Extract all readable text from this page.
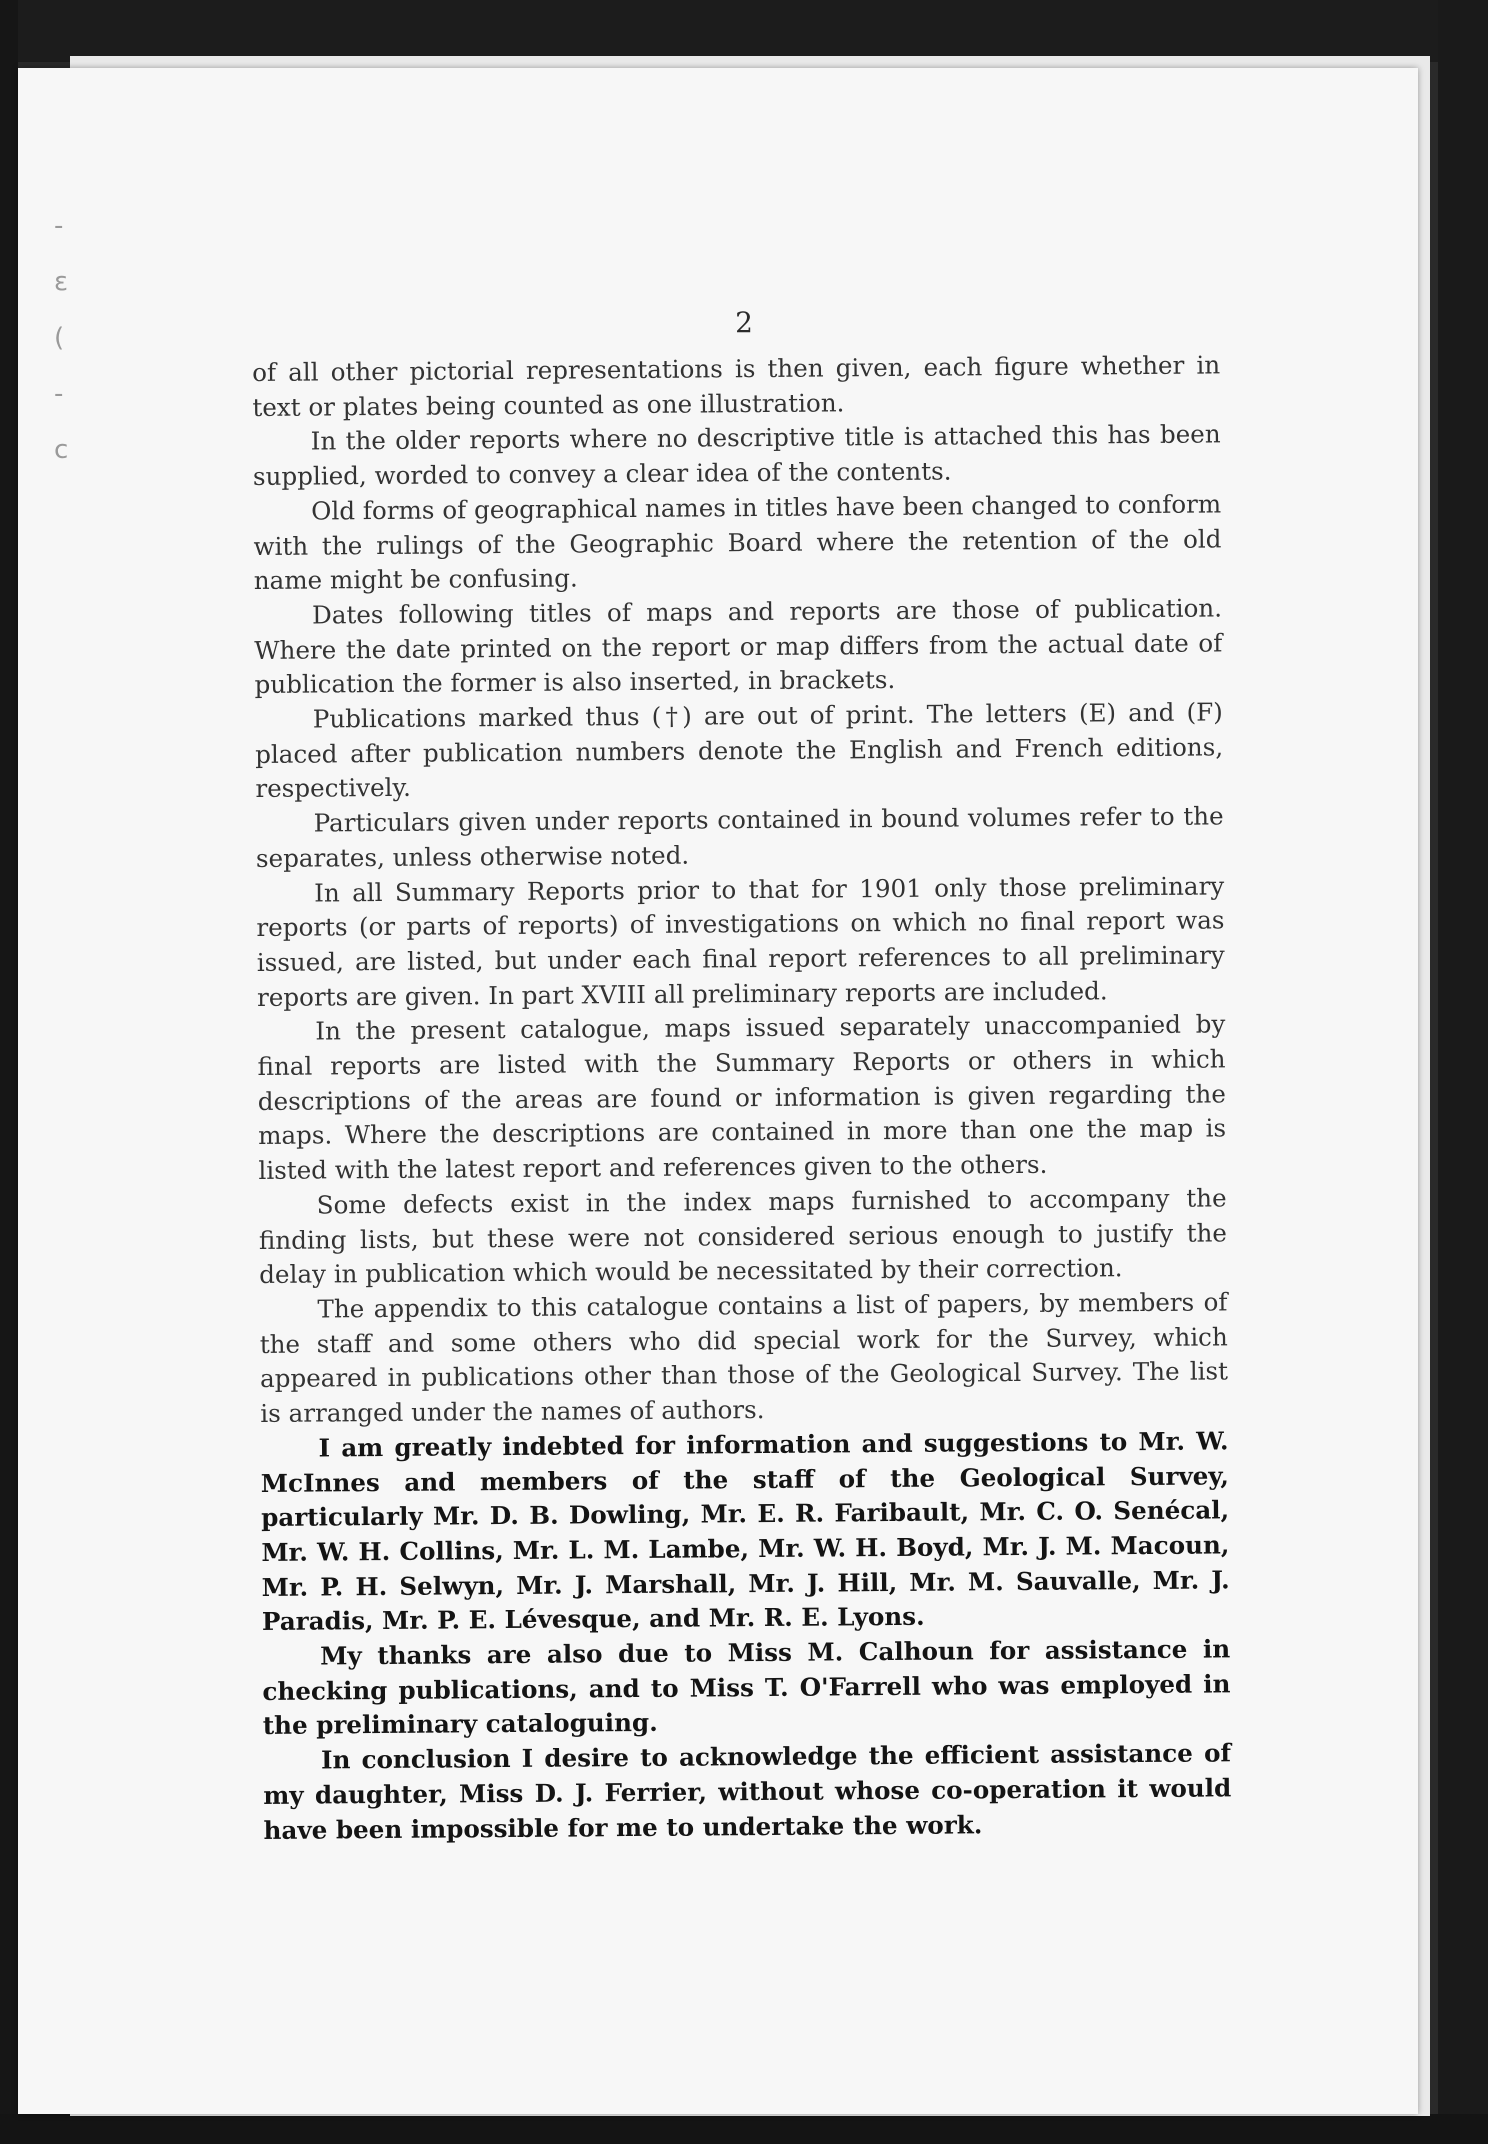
‑
ε
(
‑
c
2

of all other pictorial representations is then given, each figure whether in text or plates being counted as one illustration.

In the older reports where no descriptive title is attached this has been supplied, worded to convey a clear idea of the contents.

Old forms of geographical names in titles have been changed to conform with the rulings of the Geographic Board where the retention of the old name might be confusing.

Dates following titles of maps and reports are those of publication. Where the date printed on the report or map differs from the actual date of publication the former is also inserted, in brackets.

Publications marked thus (†) are out of print. The letters (E) and (F) placed after publication numbers denote the English and French editions, respectively.

Particulars given under reports contained in bound volumes refer to the separates, unless otherwise noted.

In all Summary Reports prior to that for 1901 only those preliminary reports (or parts of reports) of investigations on which no final report was issued, are listed, but under each final report references to all preliminary reports are given. In part XVIII all preliminary reports are included.

In the present catalogue, maps issued separately unaccompanied by final reports are listed with the Summary Reports or others in which descriptions of the areas are found or information is given regarding the maps. Where the descriptions are contained in more than one the map is listed with the latest report and references given to the others.

Some defects exist in the index maps furnished to accompany the finding lists, but these were not considered serious enough to justify the delay in publication which would be necessitated by their correction.

The appendix to this catalogue contains a list of papers, by members of the staff and some others who did special work for the Survey, which appeared in publications other than those of the Geological Survey. The list is arranged under the names of authors.

I am greatly indebted for information and suggestions to Mr. W. McInnes and members of the staff of the Geological Survey, particularly Mr. D. B. Dowling, Mr. E. R. Faribault, Mr. C. O. Senécal, Mr. W. H. Collins, Mr. L. M. Lambe, Mr. W. H. Boyd, Mr. J. M. Macoun, Mr. P. H. Selwyn, Mr. J. Marshall, Mr. J. Hill, Mr. M. Sauvalle, Mr. J. Paradis, Mr. P. E. Lévesque, and Mr. R. E. Lyons.

My thanks are also due to Miss M. Calhoun for assistance in checking publications, and to Miss T. O'Farrell who was employed in the preliminary cataloguing.

In conclusion I desire to acknowledge the efficient assistance of my daughter, Miss D. J. Ferrier, without whose co-operation it would have been impossible for me to undertake the work.
